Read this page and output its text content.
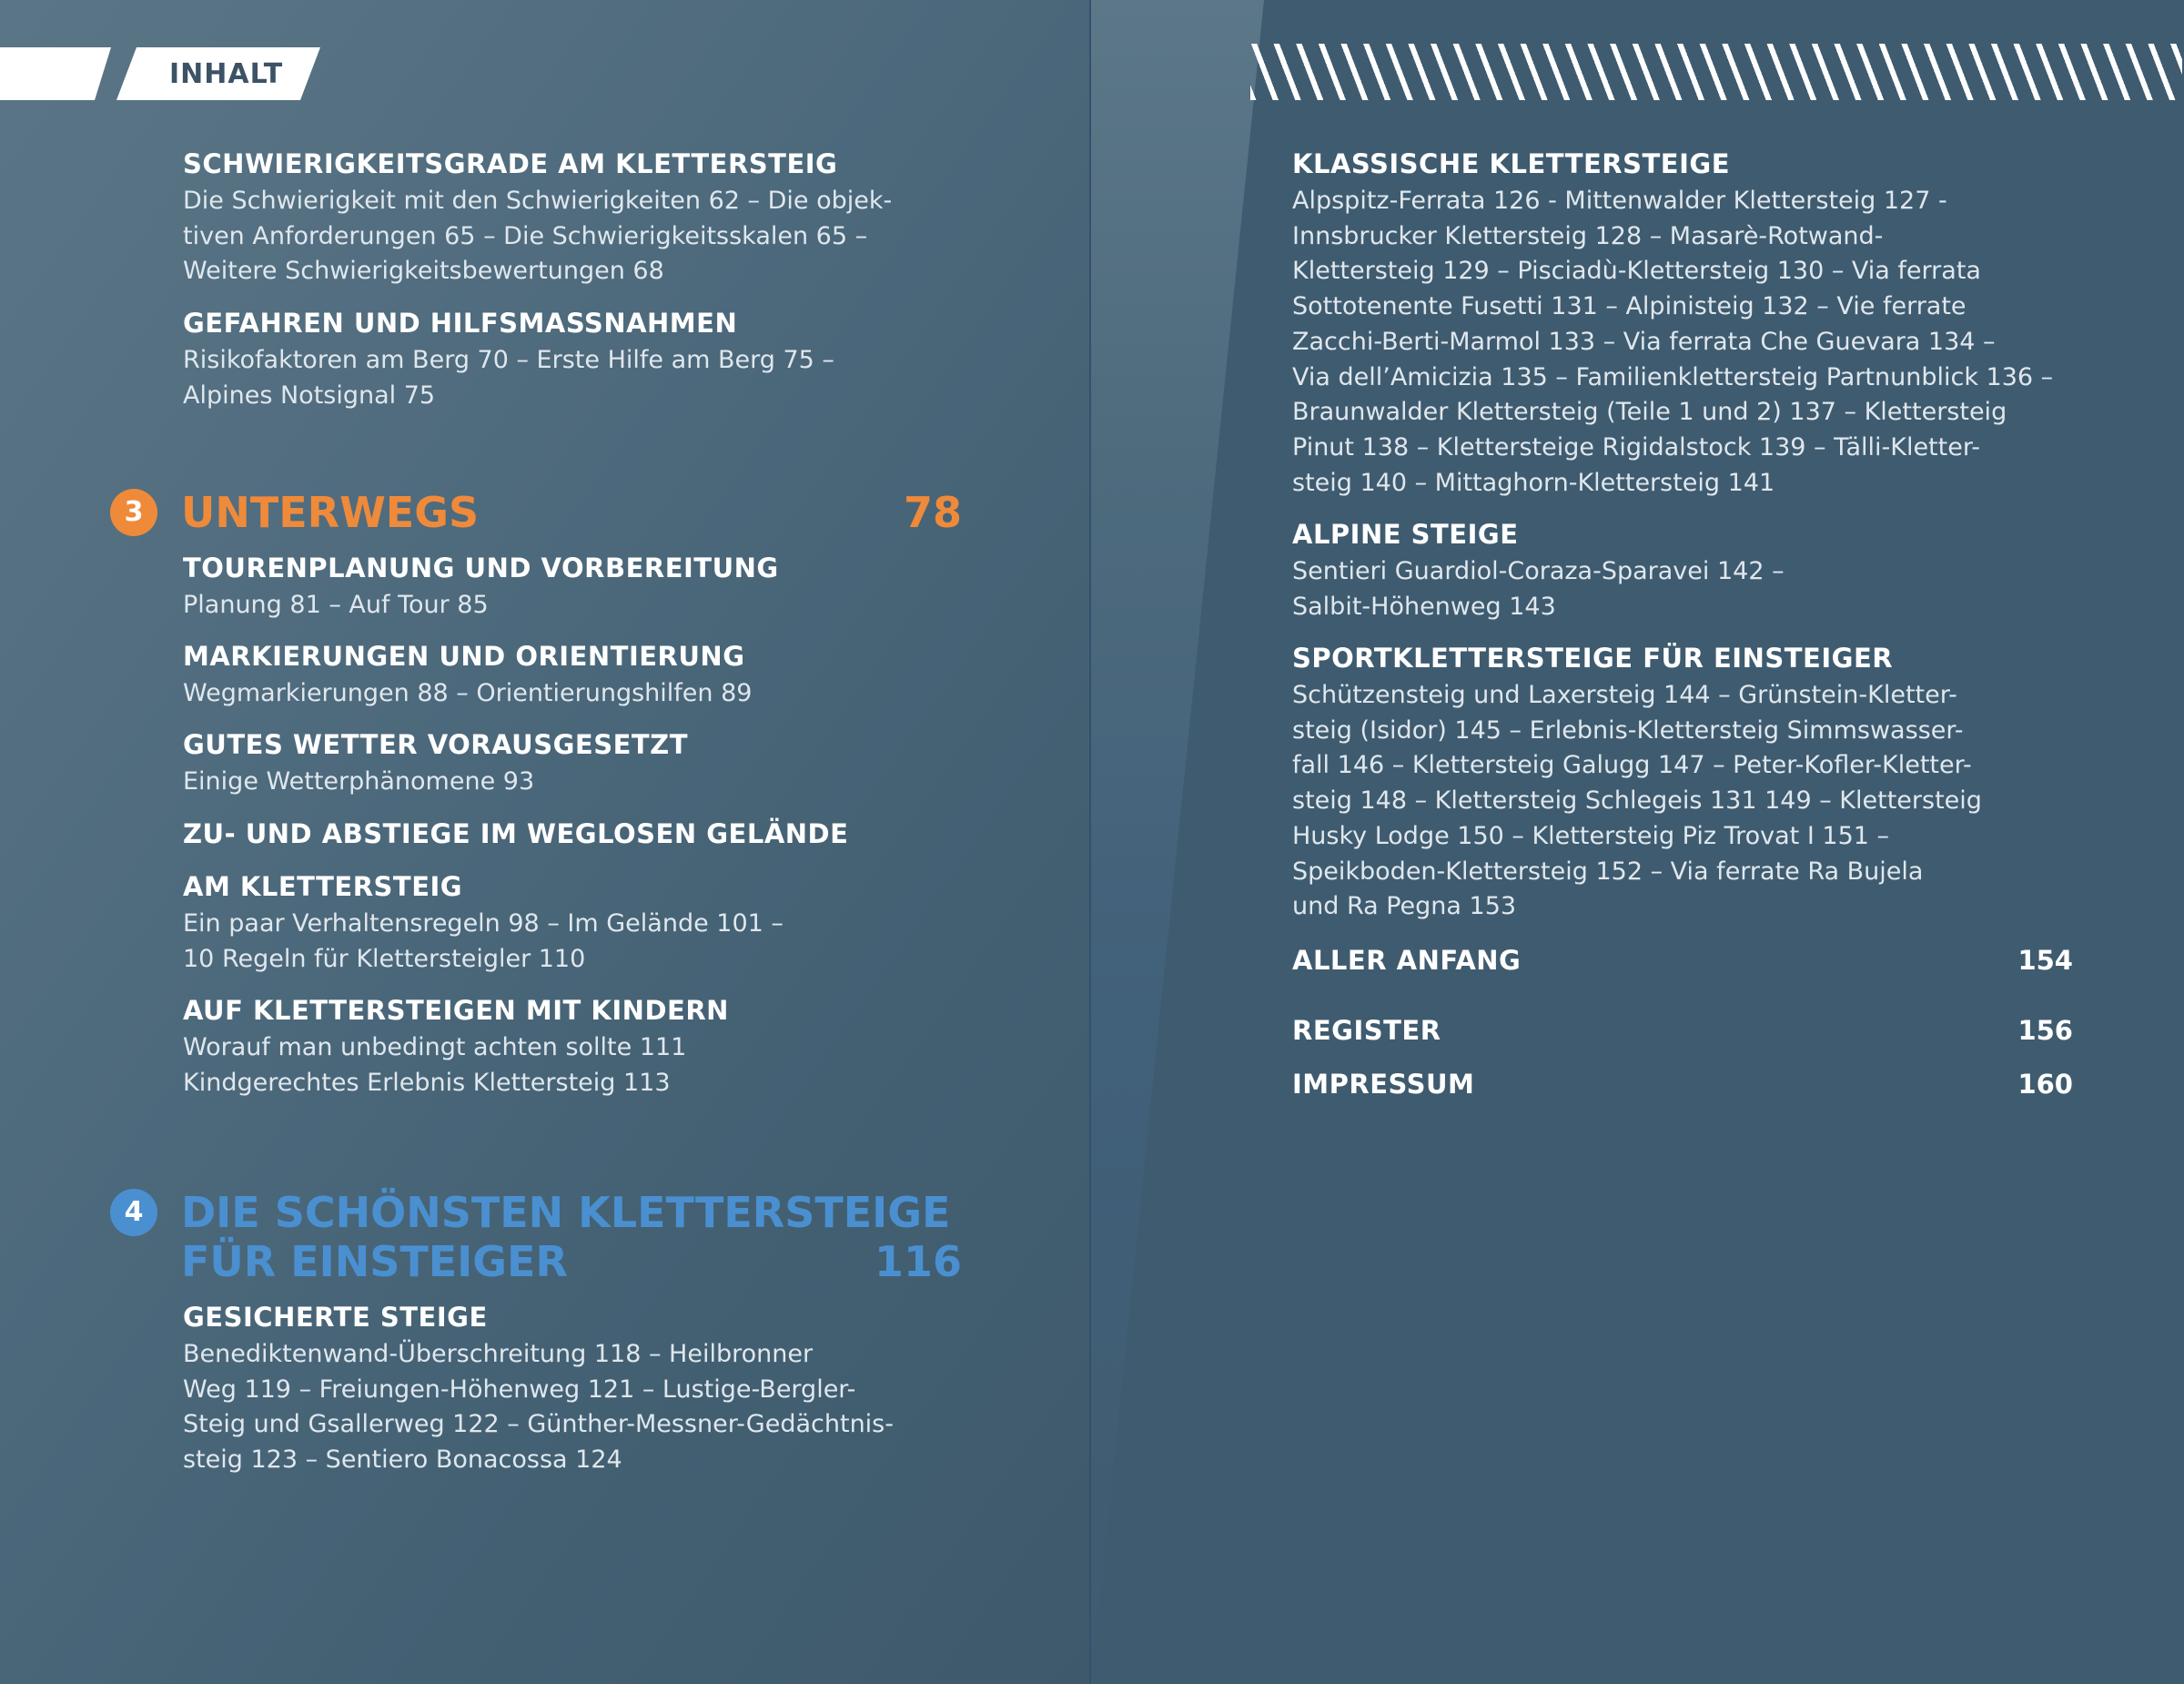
INHALT
SCHWIERIGKEITSGRADE AM KLETTERSTEIG
Die Schwierigkeit mit den Schwierigkeiten 62 – Die objek-
tiven Anforderungen 65 – Die Schwierigkeitsskalen 65 –
Weitere Schwierigkeitsbewertungen 68
GEFAHREN UND HILFSMASSNAHMEN
Risikofaktoren am Berg 70 – Erste Hilfe am Berg 75 –
Alpines Notsignal 75
3 UNTERWEGS	78
TOURENPLANUNG UND VORBEREITUNG
Planung 81 – Auf Tour 85
MARKIERUNGEN UND ORIENTIERUNG
Wegmarkierungen 88 – Orientierungshilfen 89
GUTES WETTER VORAUSGESETZT
Einige Wetterphänomene 93
ZU- UND ABSTIEGE IM WEGLOSEN GELÄNDE
AM KLETTERSTEIG
Ein paar Verhaltensregeln 98 – Im Gelände 101 –
10 Regeln für Klettersteigler 110
AUF KLETTERSTEIGEN MIT KINDERN
Worauf man unbedingt achten sollte 111
Kindgerechtes Erlebnis Klettersteig 113
4 DIE SCHÖNSTEN KLETTERSTEIGE
FÜR EINSTEIGER	116
GESICHERTE STEIGE
Benediktenwand-Überschreitung 118 – Heilbronner
Weg 119 – Freiungen-Höhenweg 121 – Lustige-Bergler-
Steig und Gsallerweg 122 – Günther-Messner-Gedächtnis-
steig 123 – Sentiero Bonacossa 124
KLASSISCHE KLETTERSTEIGE
Alpspitz-Ferrata 126 - Mittenwalder Klettersteig 127 -
Innsbrucker Klettersteig 128 – Masarè-Rotwand-
Klettersteig 129 – Pisciadù-Klettersteig 130 – Via ferrata
Sottotenente Fusetti 131 – Alpinisteig 132 – Vie ferrate
Zacchi-Berti-Marmol 133 – Via ferrata Che Guevara 134 –
Via dell’Amicizia 135 – Familienklettersteig Partnunblick 136 –
Braunwalder Klettersteig (Teile 1 und 2) 137 – Klettersteig
Pinut 138 – Klettersteige Rigidalstock 139 – Tälli-Kletter-
steig 140 – Mittaghorn-Klettersteig 141
ALPINE STEIGE
Sentieri Guardiol-Coraza-Sparavei 142 –
Salbit-Höhenweg 143
SPORTKLETTERSTEIGE FÜR EINSTEIGER
Schützensteig und Laxersteig 144 – Grünstein-Kletter-
steig (Isidor) 145 – Erlebnis-Klettersteig Simmswasser-
fall 146 – Klettersteig Galugg 147 – Peter-Kofler-Kletter-
steig 148 – Klettersteig Schlegeis 131 149 – Klettersteig
Husky Lodge 150 – Klettersteig Piz Trovat I 151 –
Speikboden-Klettersteig 152 – Via ferrate Ra Bujela
und Ra Pegna 153
ALLER ANFANG	154
REGISTER	156
IMPRESSUM	160
